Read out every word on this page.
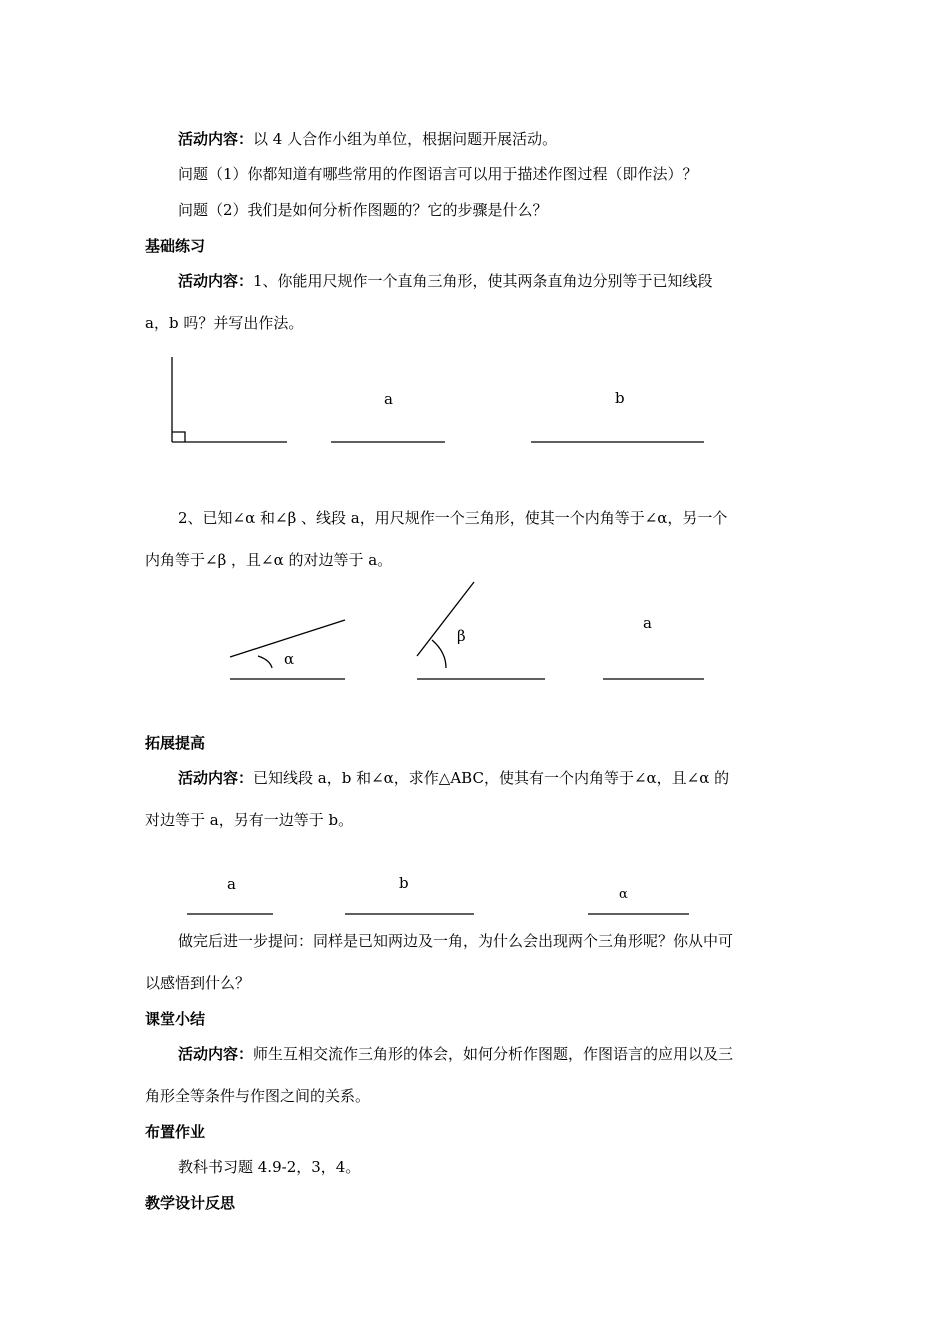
活动内容：以 4 人合作小组为单位，根据问题开展活动。
问题（1）你都知道有哪些常用的作图语言可以用于描述作图过程（即作法）？
问题（2）我们是如何分析作图题的？它的步骤是什么？
基础练习
活动内容：1、你能用尺规作一个直角三角形，使其两条直角边分别等于已知线段
a，b 吗？并写出作法。
a	b
2、已知∠α 和∠β 、线段 a，用尺规作一个三角形，使其一个内角等于∠α，另一个
内角等于∠β ，且∠α 的对边等于 a。
α
β
a
拓展提高
活动内容：已知线段 a，b 和∠α，求作△ABC，使其有一个内角等于∠α，且∠α 的
对边等于 a，另有一边等于 b。
a	b
α
做完后进一步提问：同样是已知两边及一角，为什么会出现两个三角形呢？你从中可
以感悟到什么？
课堂小结
活动内容：师生互相交流作三角形的体会，如何分析作图题，作图语言的应用以及三
角形全等条件与作图之间的关系。
布置作业
教科书习题 4.9-2，3，4。
教学设计反思
